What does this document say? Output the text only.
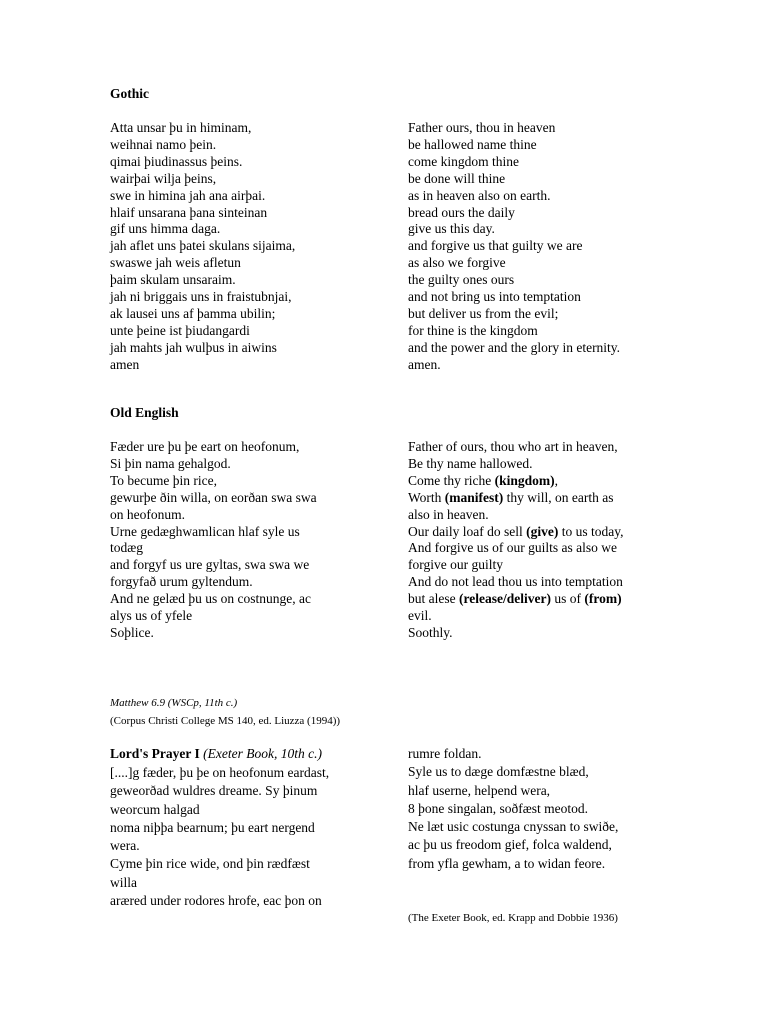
Gothic
Atta unsar þu in himinam,
weihnai namo þein.
qimai þiudinassus þeins.
wairþai wilja þeins,
swe in himina jah ana airþai.
hlaif unsarana þana sinteinan
gif uns himma daga.
jah aflet uns þatei skulans sijaima,
swaswe jah weis afletun
þaim skulam unsaraim.
jah ni briggais uns in fraistubnjai,
ak lausei uns af þamma ubilin;
unte þeine ist þiudangardi
jah mahts jah wulþus in aiwins
amen
Father ours, thou in heaven
be hallowed name thine
come kingdom thine
be done will thine
as in heaven also on earth.
bread ours the daily
give us this day.
and forgive us that guilty we are
as also we forgive
the guilty ones ours
and not bring us into temptation
but deliver us from the evil;
for thine is the kingdom
and the power and the glory in eternity.
amen.
Old English
Fæder ure þu þe eart on heofonum,
Si þin nama gehalgod.
To becume þin rice,
gewurþe ðin willa, on eorðan swa swa
on heofonum.
Urne gedæghwamlican hlaf syle us
todæg
and forgyf us ure gyltas, swa swa we
forgyfað urum gyltendum.
And ne gelæd þu us on costnunge, ac
alys us of yfele
Soþlice.
Father of ours, thou who art in heaven,
Be thy name hallowed.
Come thy riche (kingdom),
Worth (manifest) thy will, on earth as
also in heaven.
Our daily loaf do sell (give) to us today,
And forgive us of our guilts as also we
forgive our guilty
And do not lead thou us into temptation
but alese (release/deliver) us of (from)
evil.
Soothly.
Matthew 6.9 (WSCp, 11th c.)
(Corpus Christi College MS 140, ed. Liuzza (1994))
Lord's Prayer I (Exeter Book, 10th c.)
[....]g fæder, þu þe on heofonum eardast,
geweorðad wuldres dreame. Sy þinum
weorcum halgad
noma niþþa bearnum; þu eart nergend
wera.
Cyme þin rice wide, ond þin rædfæst
willa
aræred under rodores hrofe, eac þon on
rumre foldan.
Syle us to dæge domfæstne blæd,
hlaf userne, helpend wera,
8 þone singalan, soðfæst meotod.
Ne læt usic costunga cnyssan to swiðe,
ac þu us freodom gief, folca waldend,
from yfla gewham, a to widan feore.
(The Exeter Book, ed. Krapp and Dobbie 1936)
